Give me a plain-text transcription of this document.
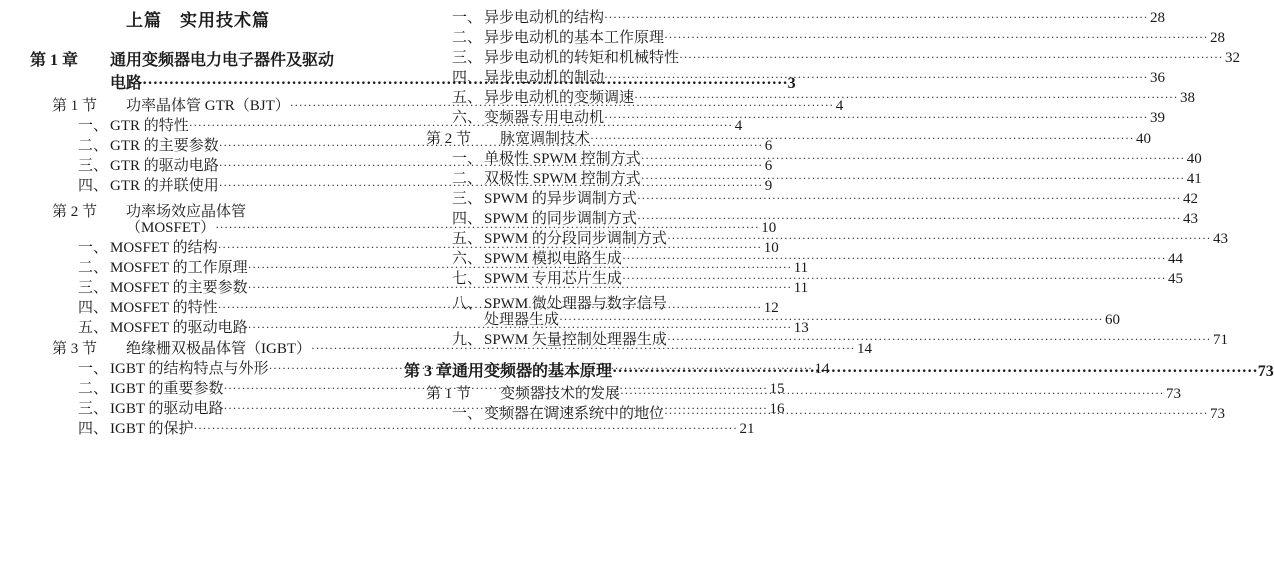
上篇 实用技术篇
第 1 章 通用变频器电力电子器件及驱动
电路 ·····	3
第 1 节	功率晶体管 GTR（BJT） ·····	4
一、 GTR 的特性 ·····	4
二、 GTR 的主要参数 ·····	6
三、 GTR 的驱动电路 ·····	6
四、 GTR 的并联使用 ·····	9
第 2 节 功率场效应晶体管
（MOSFET） ·····	10
一、 MOSFET 的结构 ·····	10
二、 MOSFET 的工作原理 ·····	11
三、 MOSFET 的主要参数 ·····	11
四、 MOSFET 的特性 ·····	12
五、 MOSFET 的驱动电路 ·····	13
第 3 节	绝缘栅双极晶体管（IGBT） ·····	14
一、 IGBT 的结构特点与外形 ·····	14
二、 IGBT 的重要参数 ·····	15
三、 IGBT 的驱动电路 ·····	16
四、 IGBT 的保护 ·····	21
一、 异步电动机的结构 ·····	28
二、 异步电动机的基本工作原理 ·····	28
三、 异步电动机的转矩和机械特性 ·····	32
四、 异步电动机的制动 ·····	36
五、 异步电动机的变频调速 ·····	38
六、 变频器专用电动机 ·····	39
第 2 节	脉宽调制技术 ·····	40
一、 单极性 SPWM 控制方式 ·····	40
二、 双极性 SPWM 控制方式 ·····	41
三、 SPWM 的异步调制方式 ·····	42
四、 SPWM 的同步调制方式 ·····	43
五、 SPWM 的分段同步调制方式 ·····	43
六、 SPWM 模拟电路生成 ·····	44
七、 SPWM 专用芯片生成 ·····	45
八、 SPWM 微处理器与数字信号
处理器生成 ·····	60
九、 SPWM 矢量控制处理器生成 ·····	71
第 3 章 通用变频器的基本原理 ·····	73
第 1 节	变频器技术的发展 ·····	73
一、 变频器在调速系统中的地位 ·····	73
